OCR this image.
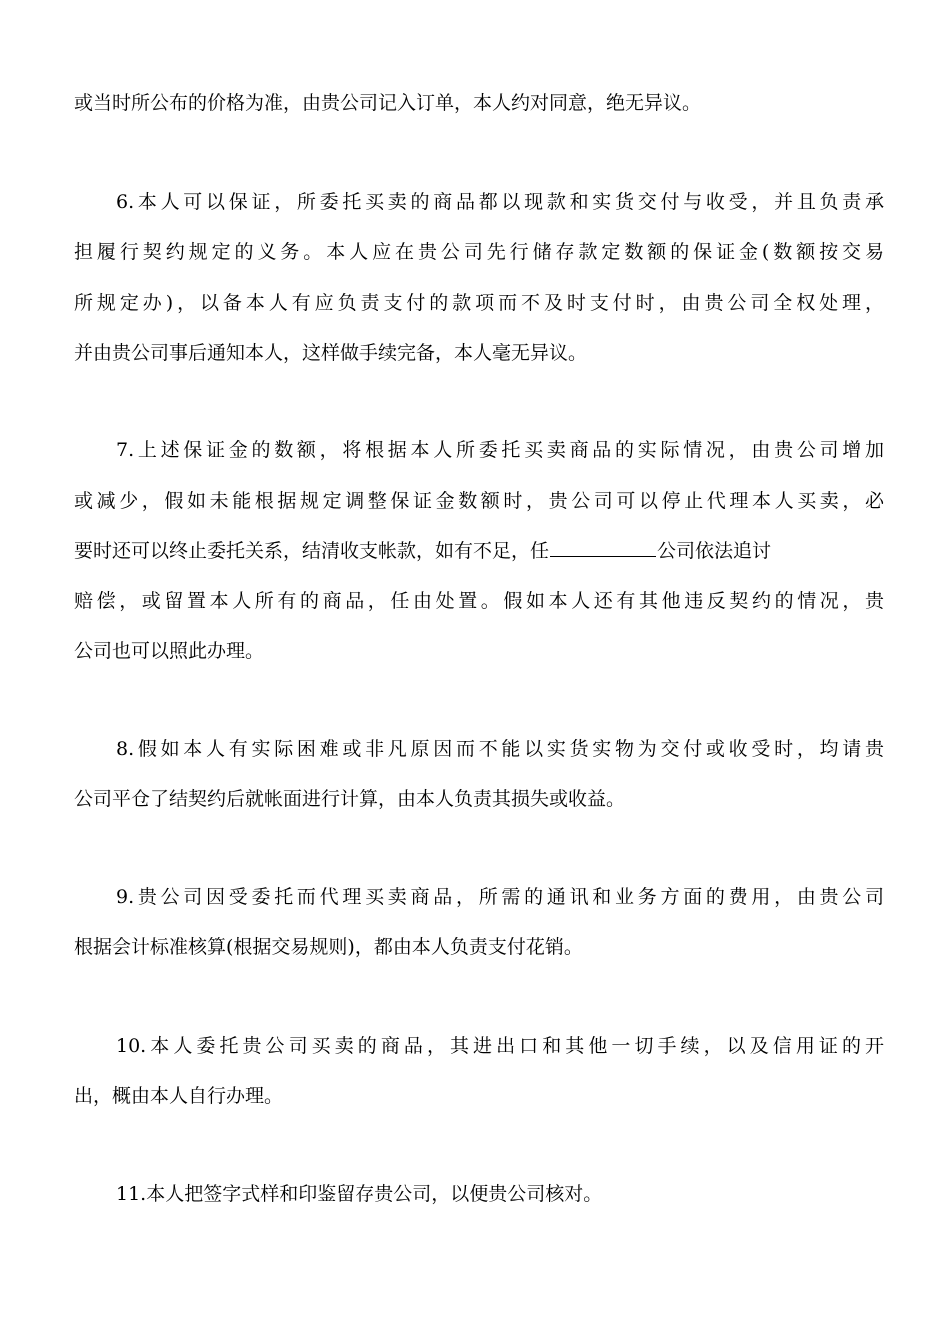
或当时所公布的价格为准，由贵公司记入订单，本人约对同意，绝无异议。
6.本人可以保证，所委托买卖的商品都以现款和实货交付与收受，并且负责承
担履行契约规定的义务。本人应在贵公司先行储存款定数额的保证金(数额按交易
所规定办)，以备本人有应负责支付的款项而不及时支付时，由贵公司全权处理，
并由贵公司事后通知本人，这样做手续完备，本人毫无异议。
7.上述保证金的数额，将根据本人所委托买卖商品的实际情况，由贵公司增加
或减少，假如未能根据规定调整保证金数额时，贵公司可以停止代理本人买卖，必
要时还可以终止委托关系，结清收支帐款，如有不足，任	公司依法追讨
赔偿，或留置本人所有的商品，任由处置。假如本人还有其他违反契约的情况，贵
公司也可以照此办理。
8.假如本人有实际困难或非凡原因而不能以实货实物为交付或收受时，均请贵
公司平仓了结契约后就帐面进行计算，由本人负责其损失或收益。
9.贵公司因受委托而代理买卖商品，所需的通讯和业务方面的费用，由贵公司
根据会计标准核算(根据交易规则)，都由本人负责支付花销。
10.本人委托贵公司买卖的商品，其进出口和其他一切手续，以及信用证的开
出，概由本人自行办理。
11.本人把签字式样和印鉴留存贵公司，以便贵公司核对。
